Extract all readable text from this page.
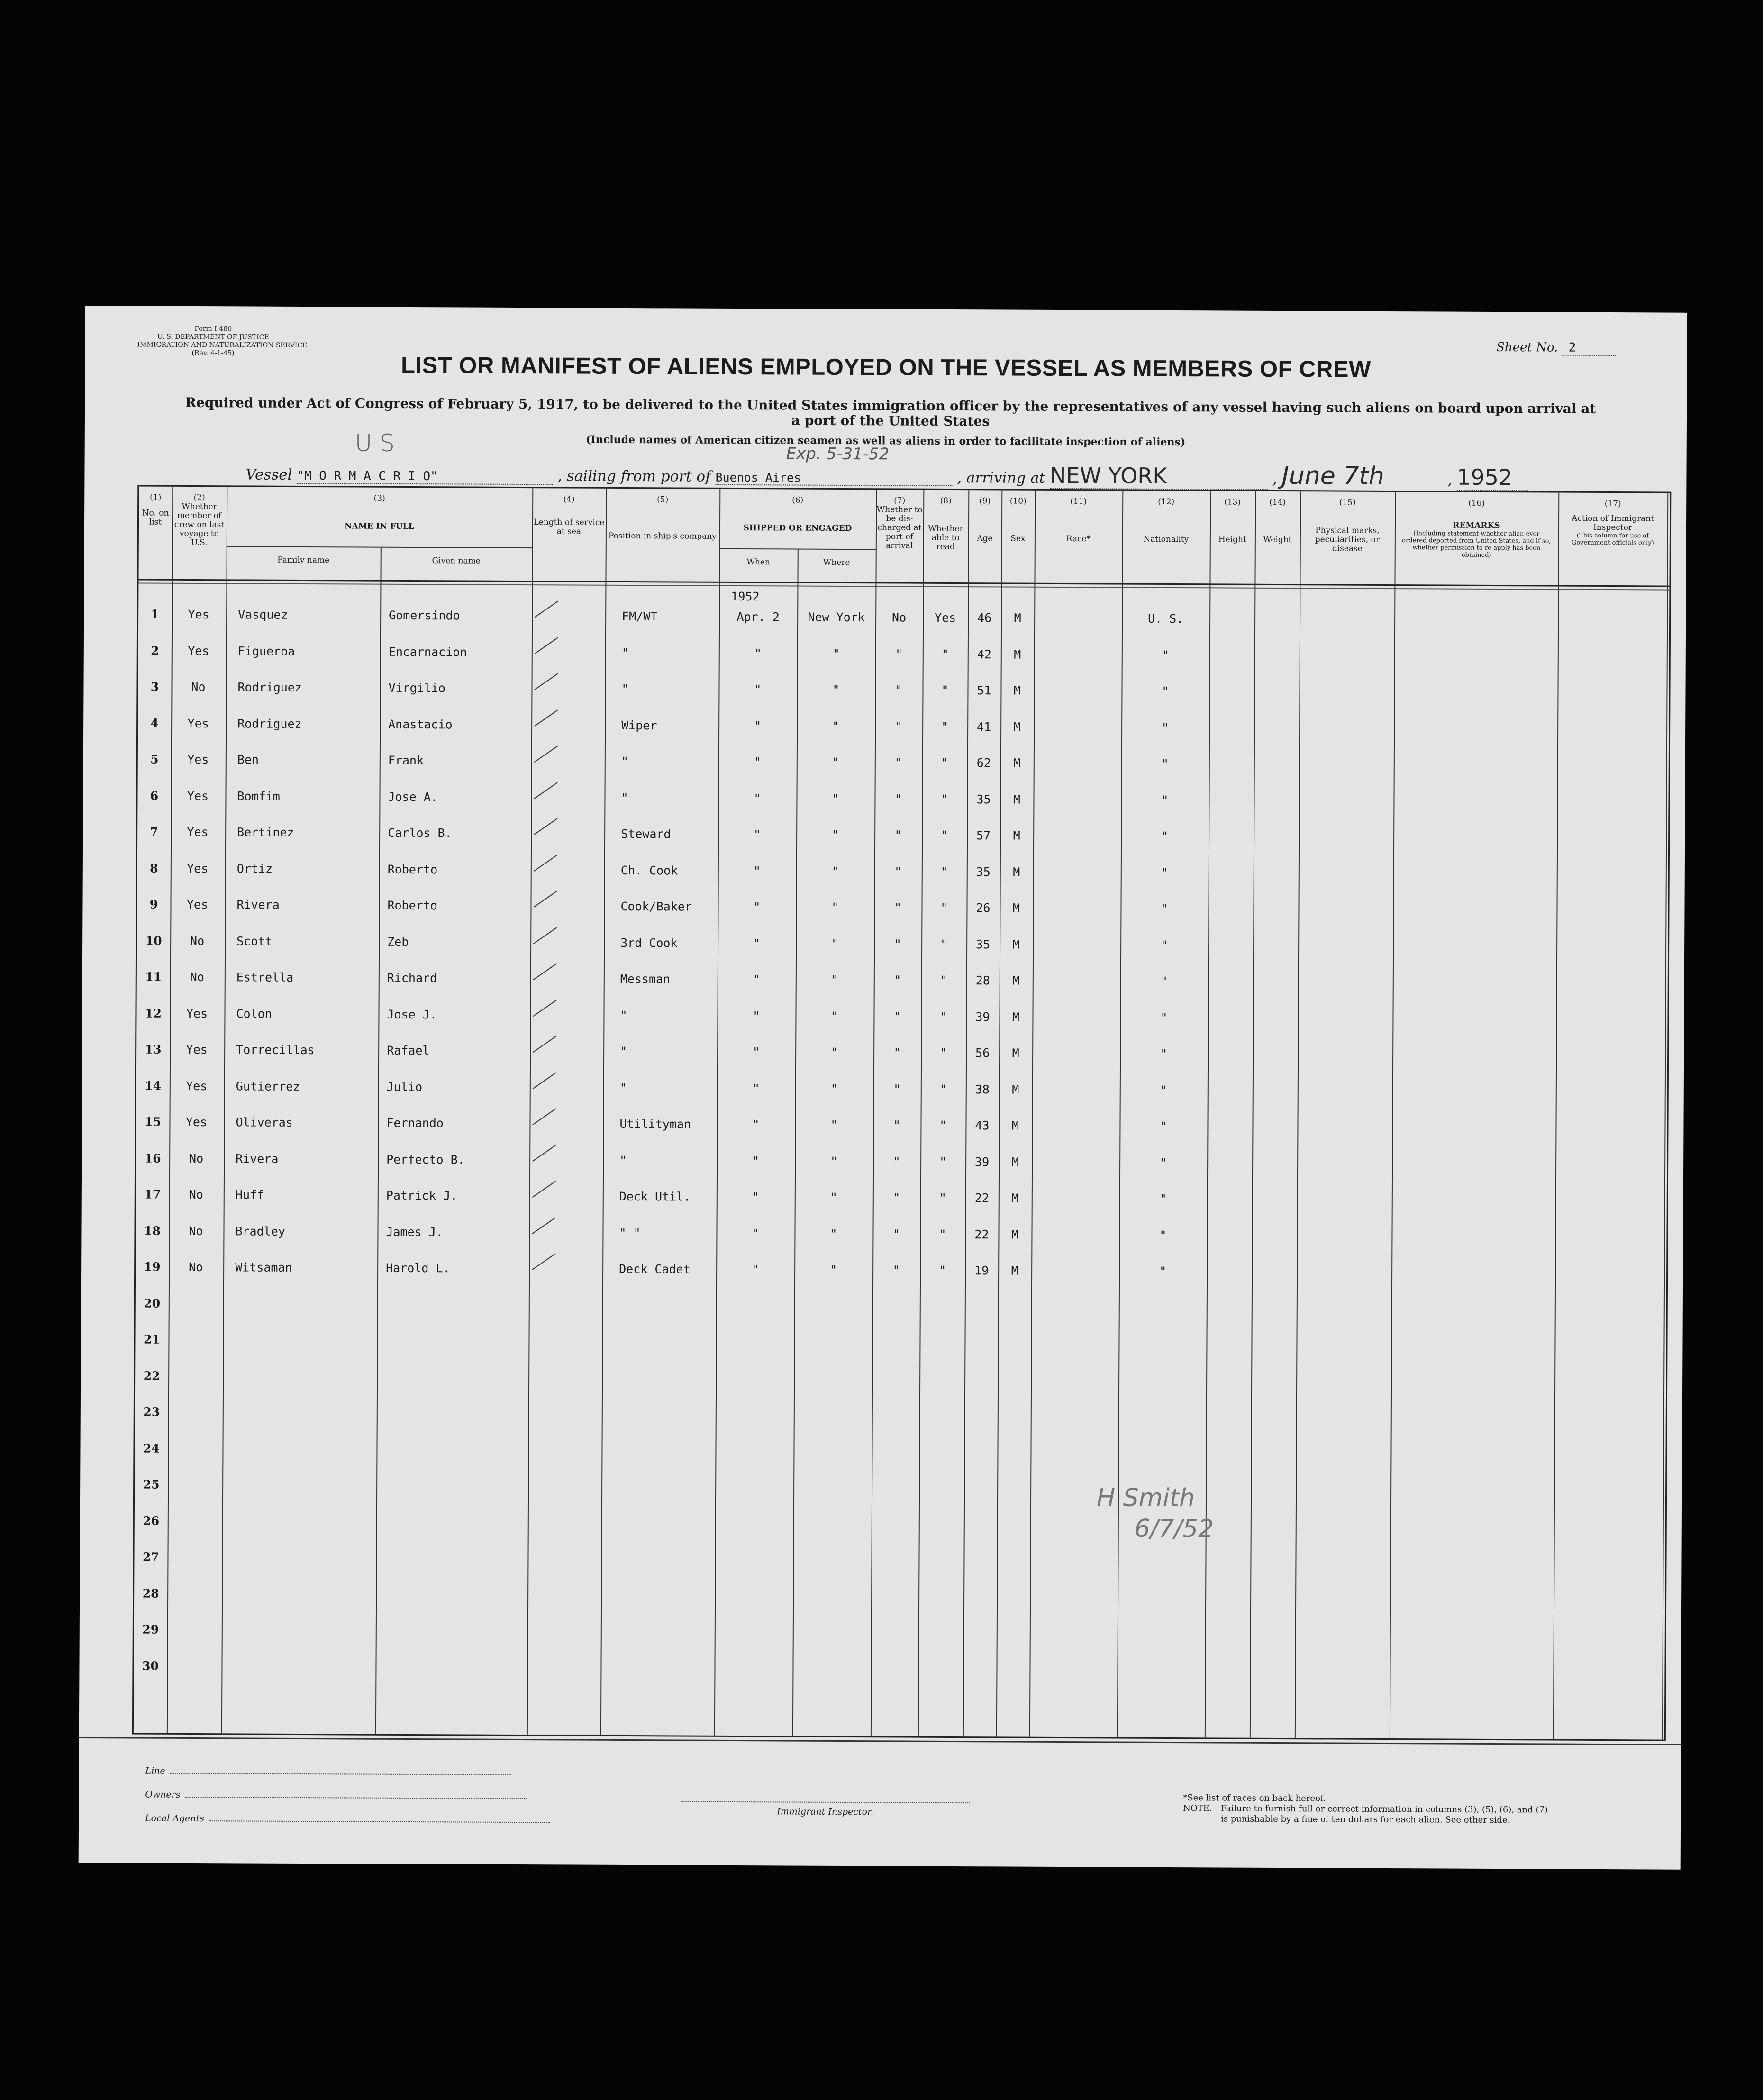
Form I-480
U. S. DEPARTMENT OF JUSTICE
IMMIGRATION AND NATURALIZATION SERVICE
(Rev. 4-1-45)	Sheet No. 2
LIST OR MANIFEST OF ALIENS EMPLOYED ON THE VESSEL AS MEMBERS OF CREW
Required under Act of Congress of February 5, 1917, to be delivered to the United States immigration officer by the representatives of any vessel having such aliens on board upon arrival at a port of the United States
(Include names of American citizen seamen as well as aliens in order to facilitate inspection of aliens)
U S	Exp. 5-31-52
Vessel "M O R M A C R I O"	, sailing from port of Buenos Aires	, arriving at NEW YORK	, June 7th	, 1952
(1)
No. on list
(2)
Whether member of crew on last voyage to U.S.
(3)
NAME IN FULL
Family name	Given name
(4)
Length of service at sea
(5)
Position in ship's company
(6)
SHIPPED OR ENGAGED
When	Where
(7)
Whether to be dis-charged at port of arrival
(8)
Whether able to read
(9)
Age
(10)
Sex
(11)
Race*
(12)
Nationality
(13)
Height
(14)
Weight
(15)
Physical marks, peculiarities, or disease
(16)
REMARKS
(Including statement whether alien ever ordered deported from United States, and if so, whether permission to re-apply has been obtained)
(17)
Action of Immigrant Inspector
(This column for use of Government officials only)
1952
1	Yes	Vasquez	Gomersindo	FM/WT	Apr. 2	New York	No	Yes	46	M	U. S.
2	Yes	Figueroa	Encarnacion	"	"	"	"	"	42	M	"
3	No	Rodriguez	Virgilio	"	"	"	"	"	51	M	"
4	Yes	Rodriguez	Anastacio	Wiper	"	"	"	"	41	M	"
5	Yes	Ben	Frank	"	"	"	"	"	62	M	"
6	Yes	Bomfim	Jose A.	"	"	"	"	"	35	M	"
7	Yes	Bertinez	Carlos B.	Steward	"	"	"	"	57	M	"
8	Yes	Ortiz	Roberto	Ch. Cook	"	"	"	"	35	M	"
9	Yes	Rivera	Roberto	Cook/Baker	"	"	"	"	26	M	"
10	No	Scott	Zeb	3rd Cook	"	"	"	"	35	M	"
11	No	Estrella	Richard	Messman	"	"	"	"	28	M	"
12	Yes	Colon	Jose J.	"	"	"	"	"	39	M	"
13	Yes	Torrecillas	Rafael	"	"	"	"	"	56	M	"
14	Yes	Gutierrez	Julio	"	"	"	"	"	38	M	"
15	Yes	Oliveras	Fernando	Utilityman	"	"	"	"	43	M	"
16	No	Rivera	Perfecto B.	"	"	"	"	"	39	M	"
17	No	Huff	Patrick J.	Deck Util.	"	"	"	"	22	M	"
18	No	Bradley	James J.	" "	"	"	"	"	22	M	"
19	No	Witsaman	Harold L.	Deck Cadet	"	"	"	"	19	M	"
20
21
22
23
24
25
26
27
28
29
30
H Smith
6/7/52
Line
Owners
Local Agents
Immigrant Inspector.
*See list of races on back hereof.
NOTE.—Failure to furnish full or correct information in columns (3), (5), (6), and (7)
is punishable by a fine of ten dollars for each alien. See other side.
